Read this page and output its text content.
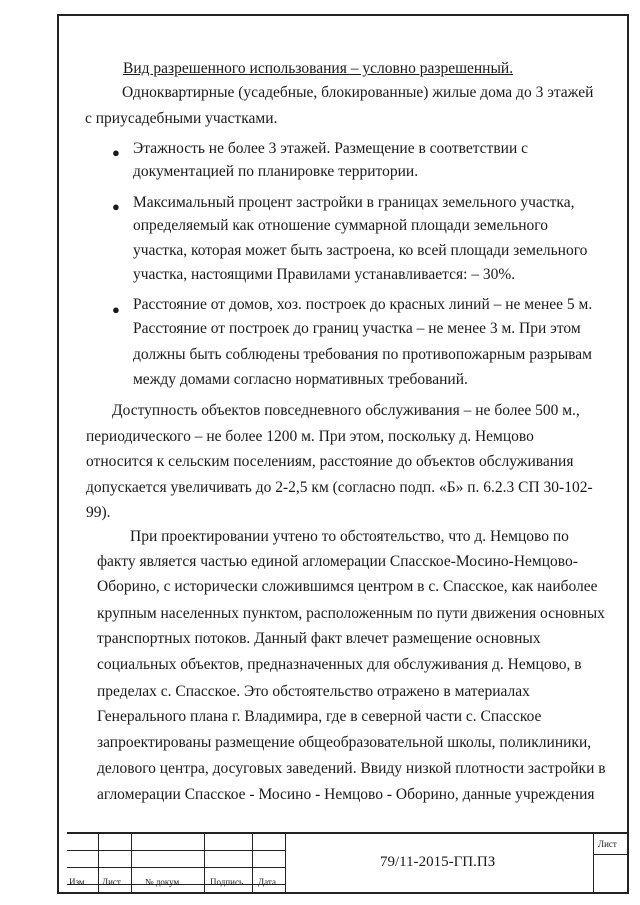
Вид разрешенного использования – условно разрешенный.
Одноквартирные (усадебные, блокированные) жилые дома до 3 этажей
с приусадебными участками.
● Этажность не более 3 этажей. Размещение в соответствии с
документацией по планировке территории.
● Максимальный процент застройки в границах земельного участка,
определяемый как отношение суммарной площади земельного
участка, которая может быть застроена, ко всей площади земельного
участка, настоящими Правилами устанавливается: – 30%.
● Расстояние от домов, хоз. построек до красных линий – не менее 5 м.
Расстояние от построек до границ участка – не менее 3 м. При этом
должны быть соблюдены требования по противопожарным разрывам
между домами согласно нормативных требований.
Доступность объектов повседневного обслуживания – не более 500 м.,
периодического – не более 1200 м. При этом, поскольку д. Немцово
относится к сельским поселениям, расстояние до объектов обслуживания
допускается увеличивать до 2-2,5 км (согласно подп. «Б» п. 6.2.3 СП 30-102-
99).
При проектировании учтено то обстоятельство, что д. Немцово по
факту является частью единой агломерации Спасское-Мосино-Немцово-
Оборино, с исторически сложившимся центром в с. Спасское, как наиболее
крупным населенных пунктом, расположенным по пути движения основных
транспортных потоков. Данный факт влечет размещение основных
социальных объектов, предназначенных для обслуживания д. Немцово, в
пределах с. Спасское. Это обстоятельство отражено в материалах
Генерального плана г. Владимира, где в северной части с. Спасское
запроектированы размещение общеобразовательной школы, поликлиники,
делового центра, досуговых заведений. Ввиду низкой плотности застройки в
агломерации Спасское - Мосино - Немцово - Оборино, данные учреждения
Изм. Лист	№ докум.	Подпись Дата
79/11-2015-ГП.ПЗ
Лист
